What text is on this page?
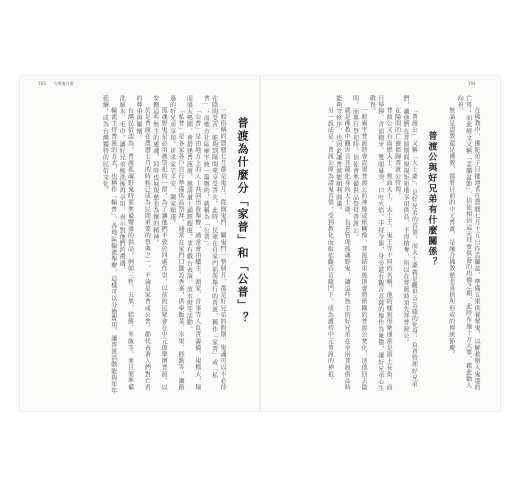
193 台灣鬼仔書	194
在佛教中，佛陀弟子目犍連者在農曆七月十五日作盂蘭盆，準備五果供養眾鬼，以解救墮入鬼道的亡母；而此經文又稱「盂蘭盆節」，信徒相信這天拜齋供養的功德之期，此時布施十方大眾，藉此勸人向善。
無論是道教還是佛教，都將目前的中元普渡，是融合佛教慈悲喜捨所形成的傳統節慶。
普渡公與好兄弟有什麼關係？
「普渡公」又稱「大士爺」，是好兄弟的首領，而大士爺就是觀世音菩薩的化身，負責管理好兄弟們，讓他們在普渡期間規規矩矩地享用供品，不得搶奪，所以在普渡時須先拜普渡公。
在陽間的亡靈都歸普渡公管理。
普渡公又有面燃大士、焦面大士、大士王、鬼王等不同的名稱，他的樣貌形象通常是頭上長角、面目猙獰、青面獠牙、雙眼暴突、口吐火焰，手持令旗，身旁還有觀音菩薩的像作為象徵，讓好兄弟心生敬畏。
一般廟宇普渡時會設置普渡公的神像或紙糊像，普渡結束後則會將紙糊的普渡公焚化，送他回去陰間，而舉行祭祀時，信徒會準備供品祭拜普渡公。
就是佛教中觀世音菩薩化身的大士爺，負責管理孤魂野鬼，讓這些無主的好兄弟在享用普渡供品時能夠守秩序，也因此讓普渡能順利圓滿。
另一說法是，普渡公原為諸鬼首領，受到教化而皈依觀音菩薩門下，成為護持中元普渡的神祇。
普渡為什麼分「家普」和「公普」？
一般俗稱的農曆七月都是鬼月，從開鬼門、關鬼門一整個月，都是好兄弟的假期，鬼魂可以不必待在陰間受苦，能夠到陽間來享受香火。此時，民眾在自家門前所舉行的普渡，稱作「家普」或「私普」；而地方社區廟宇統一籌辦的，就稱為「公普」。
「公普」是由地方上的人士共同出資舉辦，通常會由爐主、頭家、首事等人負責籌備，規模大，場面盛大熱鬧，會搭建普渡壇，邀請道士誦經超度，並有戲台表演、放水燈等活動。
「私普」是各家各戶自行準備供品祭拜，通常在家門口擺設香案，供奉飯菜、水果、糕點等，讓路過的好兄弟享用，祈求家宅平安、闔家順遂。
孤魂野鬼是必須被祭祀的一群，為了讓他們不致於四處作祟，以前的民眾會在中元節舉辦普渡，以安撫這些無主的靈魂，同時也展現慈悲為懷的精神。
於是普渡在農曆七月的時候已成為民間重要的祭典之一，不論是家普或公普，都代表著人們對亡者的尊重與關懷。
台灣民俗認為，普渡孤魂野鬼時要準備豐盛的供品，例如三牲、五果、糕餅、米飯等，並且要準備洗臉水、毛巾，讓好兄弟梳洗後再享用，表示對他們的禮遇。
輪流主持普渡的方式，也稱作「輪普」，各地區輪流舉辦，這樣可以分擔費用，讓普渡活動能夠年年延續，成為台灣獨特的民俗文化。
